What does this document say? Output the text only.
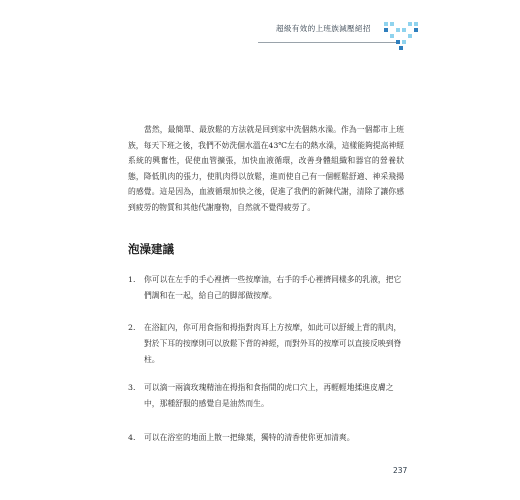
超級有效的上班族減壓絕招

當然，最簡單、最放鬆的方法就是回到家中洗個熱水澡。作為一個都市上班族，每天下班之後，我們不妨洗個水溫在43℃左右的熱水澡，這樣能夠提高神經系統的興奮性，促使血管擴張，加快血液循環，改善身體組織和器官的營養狀態，降低肌肉的張力，使肌肉得以放鬆，進而使自己有一個輕鬆舒適、神采飛揚的感覺。這是因為，血液循環加快之後，促進了我們的新陳代謝，清除了讓你感到疲勞的物質和其他代謝廢物，自然就不覺得疲勞了。

泡澡建議
1. 你可以在左手的手心裡擠一些按摩油，右手的手心裡擠同樣多的乳液，把它們調和在一起，給自己的脚部做按摩。
2. 在浴缸內，你可用食指和拇指對肉耳上方按摩，如此可以舒緩上背的肌肉，對於下耳的按摩則可以放鬆下背的神經，而對外耳的按摩可以直接反映到脊柱。
3. 可以滴一兩滴玫瑰精油在拇指和食指間的虎口穴上，再輕輕地揉進皮膚之中，那種舒服的感覺自是油然而生。
4. 可以在浴室的地面上散一把綠葉，獨特的清香使你更加清爽。
237
